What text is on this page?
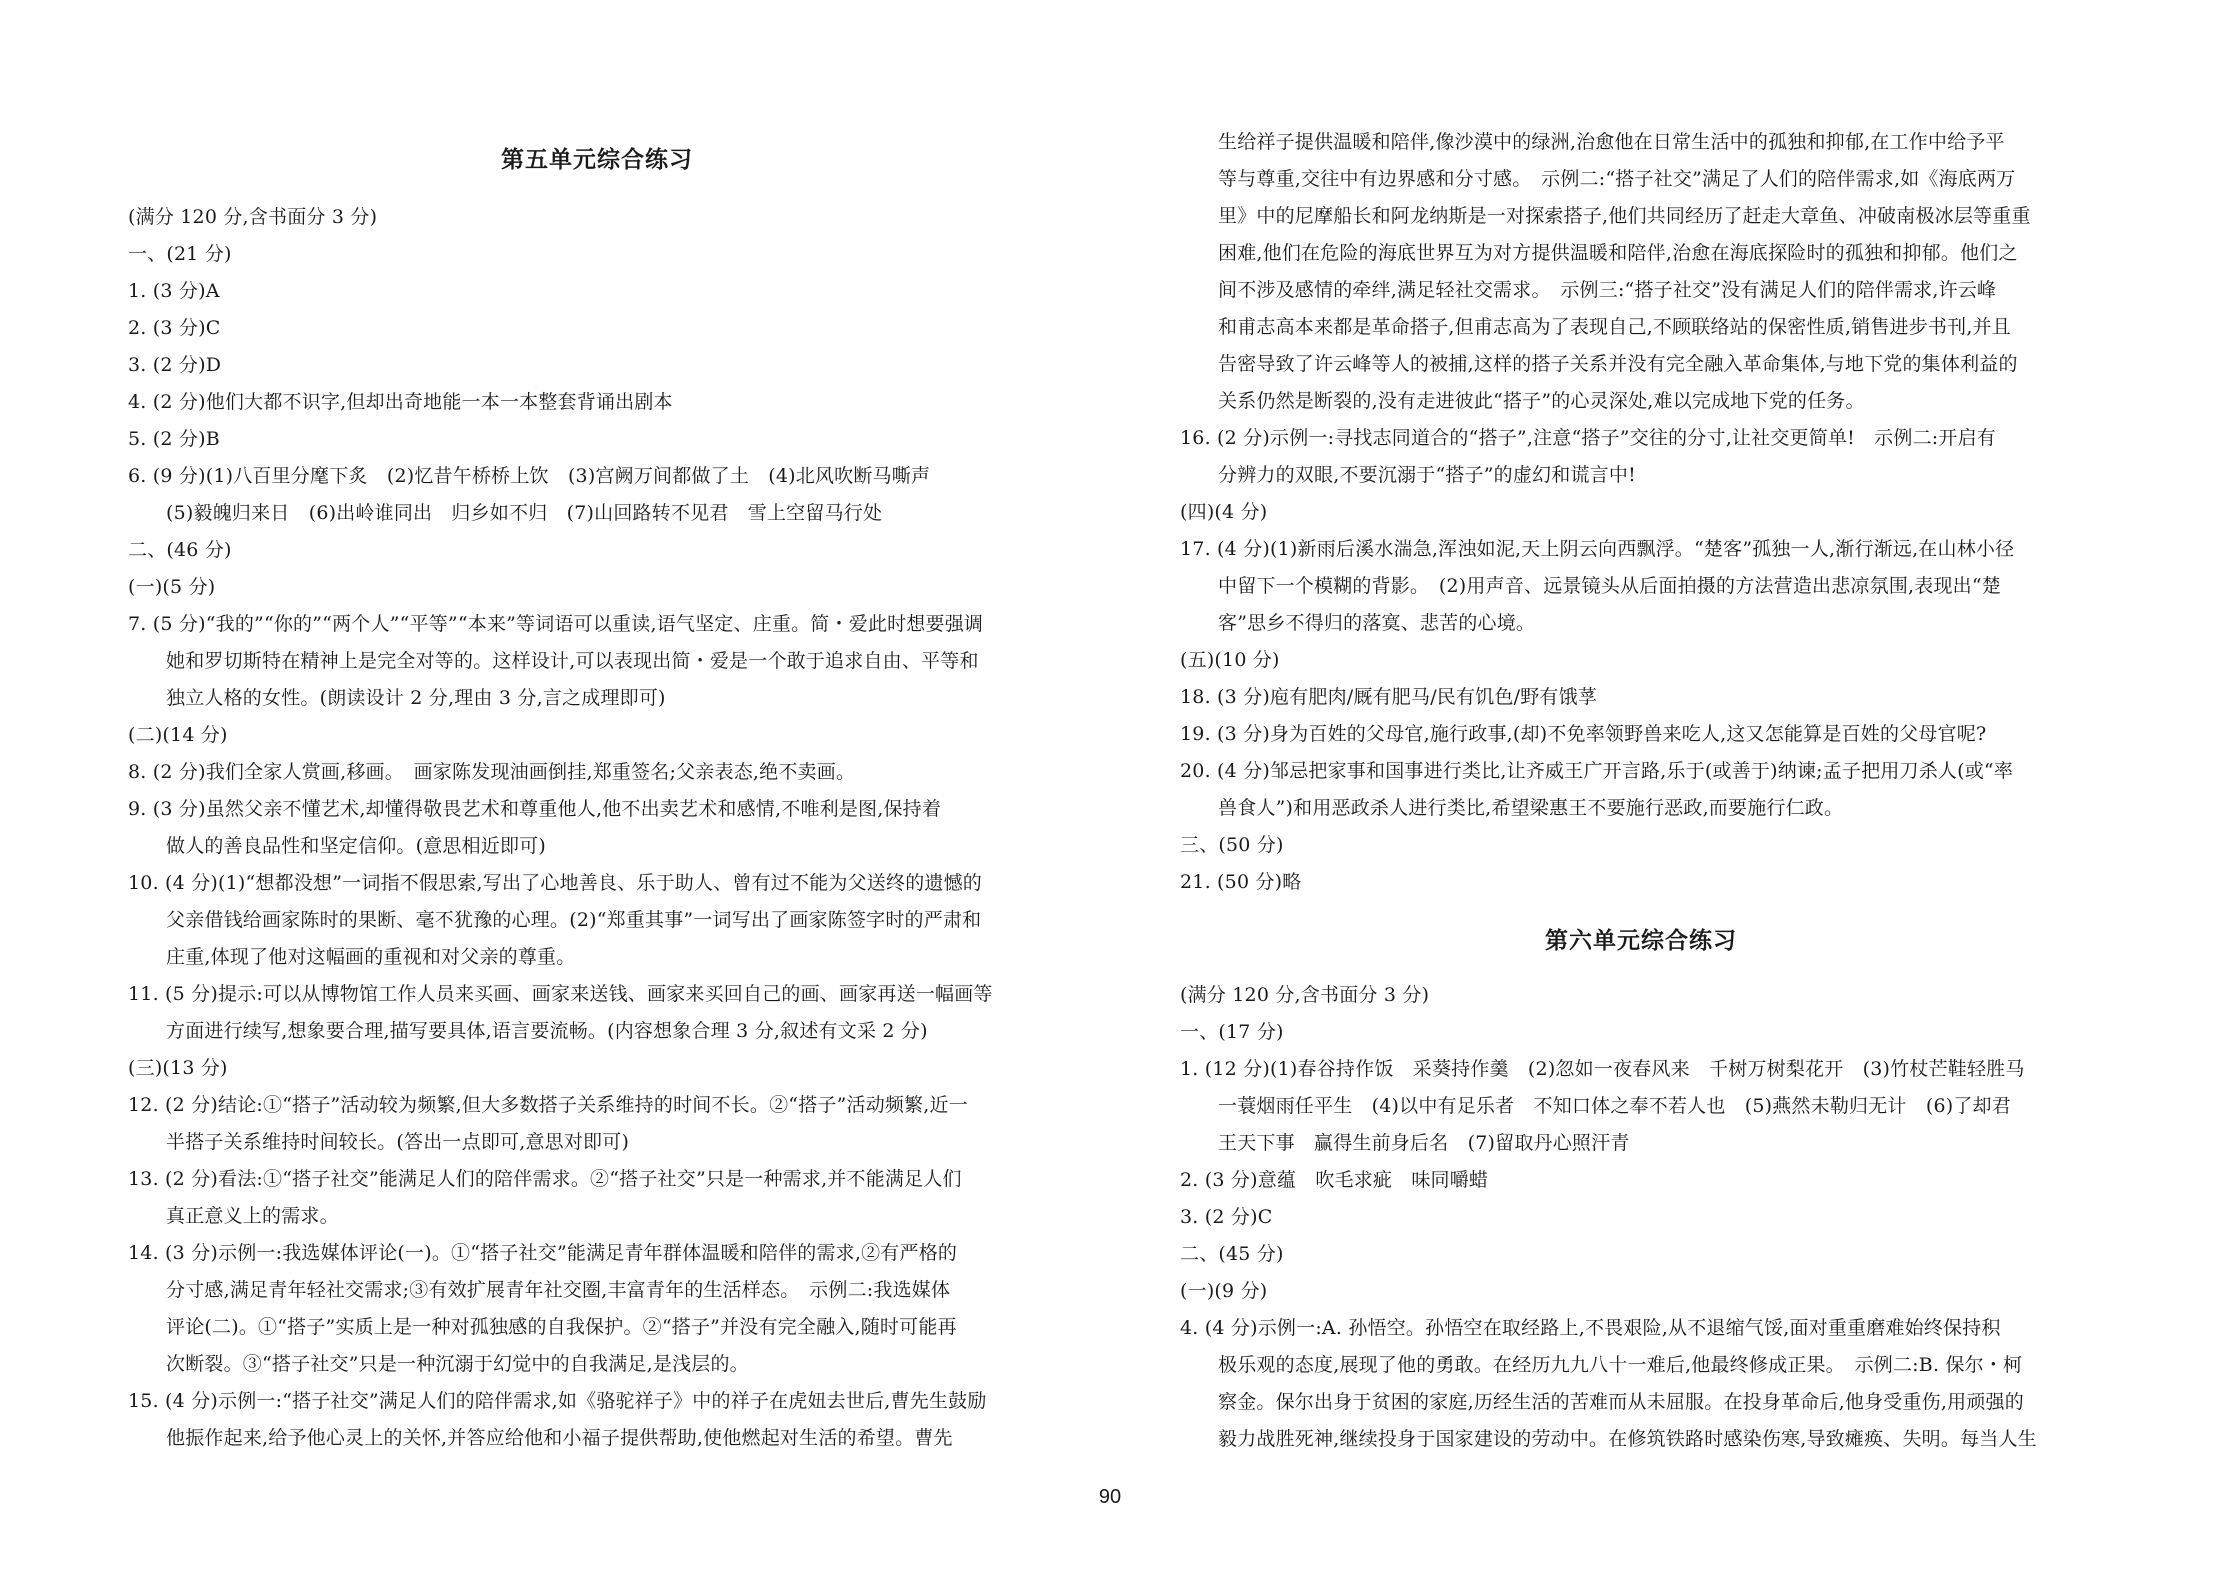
第五单元综合练习
(满分 120 分,含书面分 3 分)
一、(21 分)
1. (3 分)A
2. (3 分)C
3. (2 分)D
4. (2 分)他们大都不识字,但却出奇地能一本一本整套背诵出剧本
5. (2 分)B
6. (9 分)(1)八百里分麾下炙　(2)忆昔午桥桥上饮　(3)宫阙万间都做了土　(4)北风吹断马嘶声
(5)毅魄归来日　(6)出岭谁同出　归乡如不归　(7)山回路转不见君　雪上空留马行处
二、(46 分)
(一)(5 分)
7. (5 分)“我的”“你的”“两个人”“平等”“本来”等词语可以重读,语气坚定、庄重。简・爱此时想要强调
她和罗切斯特在精神上是完全对等的。这样设计,可以表现出简・爱是一个敢于追求自由、平等和
独立人格的女性。(朗读设计 2 分,理由 3 分,言之成理即可)
(二)(14 分)
8. (2 分)我们全家人赏画,移画。　画家陈发现油画倒挂,郑重签名;父亲表态,绝不卖画。
9. (3 分)虽然父亲不懂艺术,却懂得敬畏艺术和尊重他人,他不出卖艺术和感情,不唯利是图,保持着
做人的善良品性和坚定信仰。(意思相近即可)
10. (4 分)(1)“想都没想”一词指不假思索,写出了心地善良、乐于助人、曾有过不能为父送终的遗憾的
父亲借钱给画家陈时的果断、毫不犹豫的心理。(2)“郑重其事”一词写出了画家陈签字时的严肃和
庄重,体现了他对这幅画的重视和对父亲的尊重。
11. (5 分)提示:可以从博物馆工作人员来买画、画家来送钱、画家来买回自己的画、画家再送一幅画等
方面进行续写,想象要合理,描写要具体,语言要流畅。(内容想象合理 3 分,叙述有文采 2 分)
(三)(13 分)
12. (2 分)结论:①“搭子”活动较为频繁,但大多数搭子关系维持的时间不长。②“搭子”活动频繁,近一
半搭子关系维持时间较长。(答出一点即可,意思对即可)
13. (2 分)看法:①“搭子社交”能满足人们的陪伴需求。②“搭子社交”只是一种需求,并不能满足人们
真正意义上的需求。
14. (3 分)示例一:我选媒体评论(一)。①“搭子社交”能满足青年群体温暖和陪伴的需求,②有严格的
分寸感,满足青年轻社交需求;③有效扩展青年社交圈,丰富青年的生活样态。　示例二:我选媒体
评论(二)。①“搭子”实质上是一种对孤独感的自我保护。②“搭子”并没有完全融入,随时可能再
次断裂。③“搭子社交”只是一种沉溺于幻觉中的自我满足,是浅层的。
15. (4 分)示例一:“搭子社交”满足人们的陪伴需求,如《骆驼祥子》中的祥子在虎妞去世后,曹先生鼓励
他振作起来,给予他心灵上的关怀,并答应给他和小福子提供帮助,使他燃起对生活的希望。曹先
生给祥子提供温暖和陪伴,像沙漠中的绿洲,治愈他在日常生活中的孤独和抑郁,在工作中给予平
等与尊重,交往中有边界感和分寸感。　示例二:“搭子社交”满足了人们的陪伴需求,如《海底两万
里》中的尼摩船长和阿龙纳斯是一对探索搭子,他们共同经历了赶走大章鱼、冲破南极冰层等重重
困难,他们在危险的海底世界互为对方提供温暖和陪伴,治愈在海底探险时的孤独和抑郁。他们之
间不涉及感情的牵绊,满足轻社交需求。　示例三:“搭子社交”没有满足人们的陪伴需求,许云峰
和甫志高本来都是革命搭子,但甫志高为了表现自己,不顾联络站的保密性质,销售进步书刊,并且
告密导致了许云峰等人的被捕,这样的搭子关系并没有完全融入革命集体,与地下党的集体利益的
关系仍然是断裂的,没有走进彼此“搭子”的心灵深处,难以完成地下党的任务。
16. (2 分)示例一:寻找志同道合的“搭子”,注意“搭子”交往的分寸,让社交更简单!　示例二:开启有
分辨力的双眼,不要沉溺于“搭子”的虚幻和谎言中!
(四)(4 分)
17. (4 分)(1)新雨后溪水湍急,浑浊如泥,天上阴云向西飘浮。“楚客”孤独一人,渐行渐远,在山林小径
中留下一个模糊的背影。　(2)用声音、远景镜头从后面拍摄的方法营造出悲凉氛围,表现出“楚
客”思乡不得归的落寞、悲苦的心境。
(五)(10 分)
18. (3 分)庖有肥肉/厩有肥马/民有饥色/野有饿莩
19. (3 分)身为百姓的父母官,施行政事,(却)不免率领野兽来吃人,这又怎能算是百姓的父母官呢?
20. (4 分)邹忌把家事和国事进行类比,让齐威王广开言路,乐于(或善于)纳谏;孟子把用刀杀人(或“率
兽食人”)和用恶政杀人进行类比,希望梁惠王不要施行恶政,而要施行仁政。
三、(50 分)
21. (50 分)略
第六单元综合练习
(满分 120 分,含书面分 3 分)
一、(17 分)
1. (12 分)(1)春谷持作饭　采葵持作羹　(2)忽如一夜春风来　千树万树梨花开　(3)竹杖芒鞋轻胜马
一蓑烟雨任平生　(4)以中有足乐者　不知口体之奉不若人也　(5)燕然未勒归无计　(6)了却君
王天下事　赢得生前身后名　(7)留取丹心照汗青
2. (3 分)意蕴　吹毛求疵　味同嚼蜡
3. (2 分)C
二、(45 分)
(一)(9 分)
4. (4 分)示例一:A. 孙悟空。孙悟空在取经路上,不畏艰险,从不退缩气馁,面对重重磨难始终保持积
极乐观的态度,展现了他的勇敢。在经历九九八十一难后,他最终修成正果。　示例二:B. 保尔・柯
察金。保尔出身于贫困的家庭,历经生活的苦难而从未屈服。在投身革命后,他身受重伤,用顽强的
毅力战胜死神,继续投身于国家建设的劳动中。在修筑铁路时感染伤寒,导致瘫痪、失明。每当人生
90
